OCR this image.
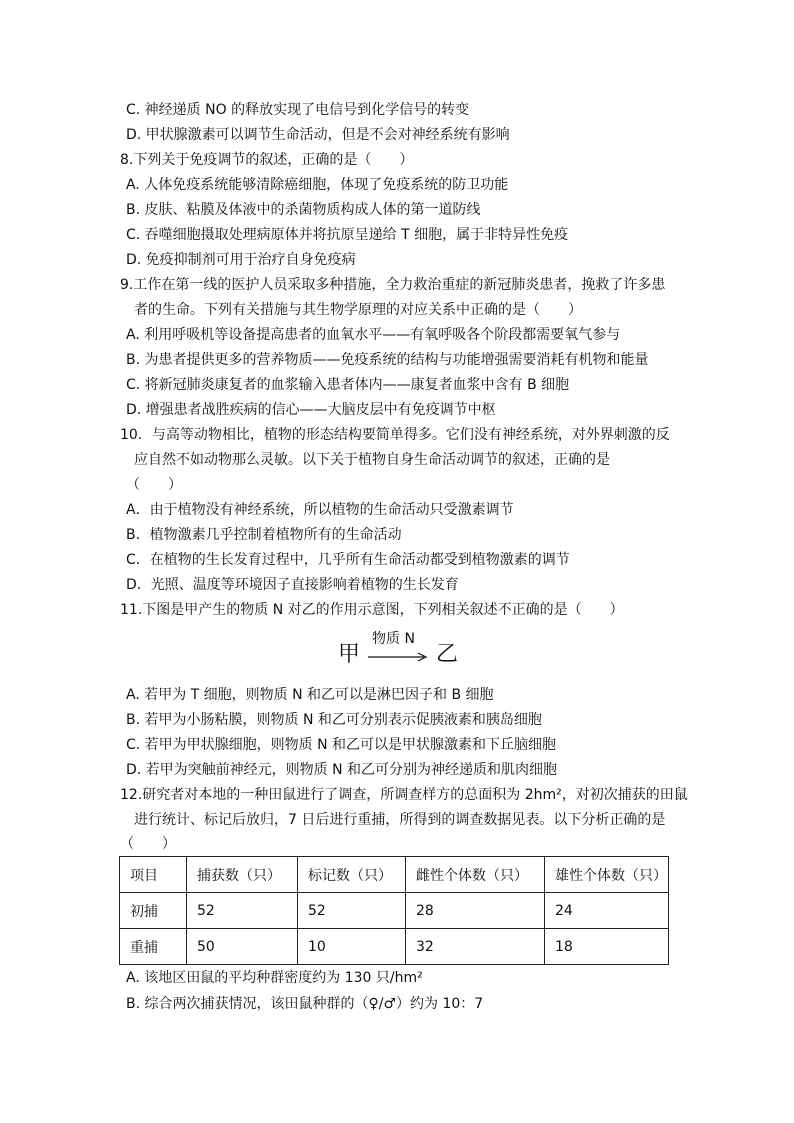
C. 神经递质 NO 的释放实现了电信号到化学信号的转变
D. 甲状腺激素可以调节生命活动，但是不会对神经系统有影响
8.下列关于免疫调节的叙述，正确的是（　　）
A. 人体免疫系统能够清除癌细胞，体现了免疫系统的防卫功能
B. 皮肤、粘膜及体液中的杀菌物质构成人体的第一道防线
C. 吞噬细胞摄取处理病原体并将抗原呈递给 T 细胞，属于非特异性免疫
D. 免疫抑制剂可用于治疗自身免疫病
9.工作在第一线的医护人员采取多种措施，全力救治重症的新冠肺炎患者，挽救了许多患
者的生命。下列有关措施与其生物学原理的对应关系中正确的是（　　）
A. 利用呼吸机等设备提高患者的血氧水平——有氧呼吸各个阶段都需要氧气参与
B. 为患者提供更多的营养物质——免疫系统的结构与功能增强需要消耗有机物和能量
C. 将新冠肺炎康复者的血浆输入患者体内——康复者血浆中含有 B 细胞
D. 增强患者战胜疾病的信心——大脑皮层中有免疫调节中枢
10．与高等动物相比，植物的形态结构要简单得多。它们没有神经系统，对外界刺激的反
应自然不如动物那么灵敏。以下关于植物自身生命活动调节的叙述，正确的是
（　　）
A．由于植物没有神经系统，所以植物的生命活动只受激素调节
B．植物激素几乎控制着植物所有的生命活动
C．在植物的生长发育过程中，几乎所有生命活动都受到植物激素的调节
D．光照、温度等环境因子直接影响着植物的生长发育
11.下图是甲产生的物质 N 对乙的作用示意图，下列相关叙述不正确的是（　　）
甲
物质 N
乙
A. 若甲为 T 细胞，则物质 N 和乙可以是淋巴因子和 B 细胞
B. 若甲为小肠粘膜，则物质 N 和乙可分别表示促胰液素和胰岛细胞
C. 若甲为甲状腺细胞，则物质 N 和乙可以是甲状腺激素和下丘脑细胞
D. 若甲为突触前神经元，则物质 N 和乙可分别为神经递质和肌肉细胞
12.研究者对本地的一种田鼠进行了调查，所调查样方的总面积为 2hm²，对初次捕获的田鼠
进行统计、标记后放归，7 日后进行重捕，所得到的调查数据见表。以下分析正确的是
（　　）
项目	捕获数（只）	标记数（只）	雌性个体数（只）	雄性个体数（只）
初捕	52	52	28	24
重捕	50	10	32	18
A. 该地区田鼠的平均种群密度约为 130 只/hm²
B. 综合两次捕获情况，该田鼠种群的（♀/♂）约为 10：7
